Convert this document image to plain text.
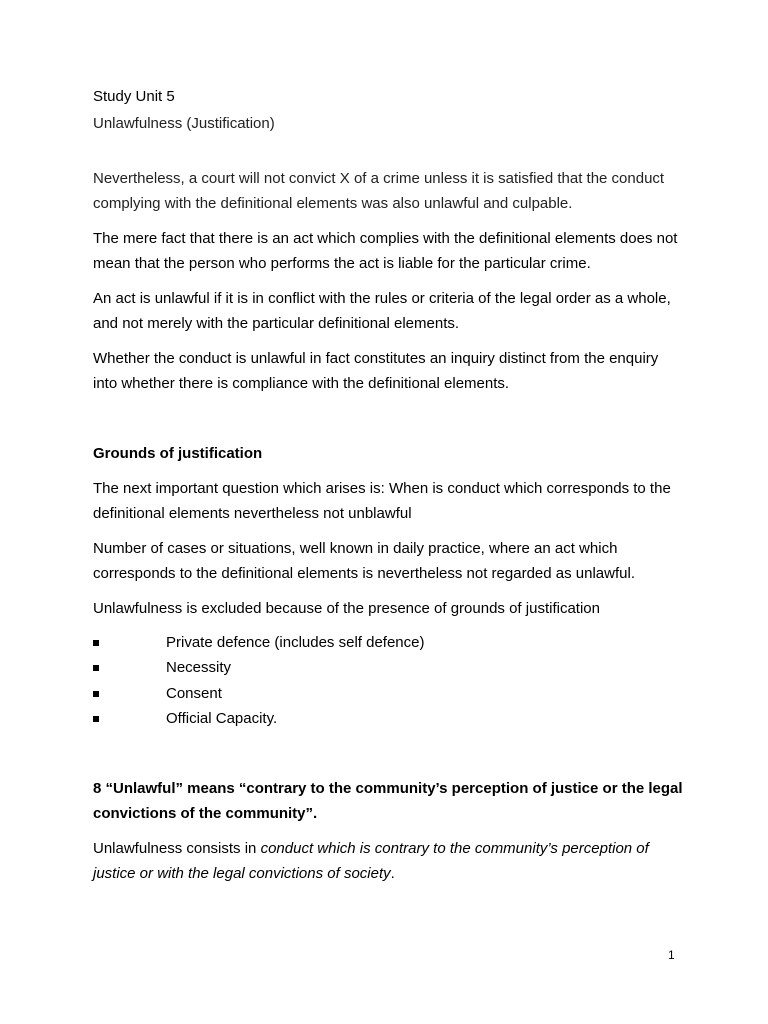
Study Unit 5

Unlawfulness (Justification)

Nevertheless, a court will not convict X of a crime unless it is satisfied that the conduct complying with the definitional elements was also unlawful and culpable.

The mere fact that there is an act which complies with the definitional elements does not mean that the person who performs the act is liable for the particular crime.

An act is unlawful if it is in conflict with the rules or criteria of the legal order as a whole, and not merely with the particular definitional elements.

Whether the conduct is unlawful in fact constitutes an inquiry distinct from the enquiry into whether there is compliance with the definitional elements.

Grounds of justification

The next important question which arises is: When is conduct which corresponds to the definitional elements nevertheless not unblawful

Number of cases or situations, well known in daily practice, where an act which corresponds to the definitional elements is nevertheless not regarded as unlawful.

Unlawfulness is excluded because of the presence of grounds of justification

Private defence (includes self defence)
Necessity
Consent
Official Capacity.

8 “Unlawful” means “contrary to the community’s perception of justice or the legal convictions of the community”.

Unlawfulness consists in conduct which is contrary to the community’s perception of justice or with the legal convictions of society.

1
